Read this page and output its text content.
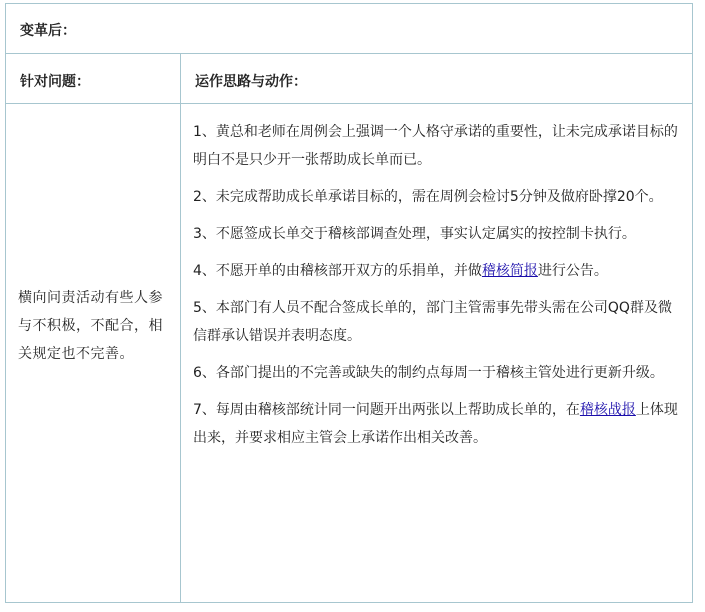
变革后：
针对问题：	运作思路与动作：
横向问责活动有些人参与不积极，不配合，相关规定也不完善。
1、黄总和老师在周例会上强调一个人格守承诺的重要性，让未完成承诺目标的明白不是只少开一张帮助成长单而已。
2、未完成帮助成长单承诺目标的，需在周例会检讨5分钟及做府卧撑20个。
3、不愿签成长单交于稽核部调查处理，事实认定属实的按控制卡执行。
4、不愿开单的由稽核部开双方的乐捐单，并做稽核简报进行公告。
5、本部门有人员不配合签成长单的，部门主管需事先带头需在公司QQ群及微信群承认错误并表明态度。
6、各部门提出的不完善或缺失的制约点每周一于稽核主管处进行更新升级。
7、每周由稽核部统计同一问题开出两张以上帮助成长单的，在稽核战报上体现出来，并要求相应主管会上承诺作出相关改善。
